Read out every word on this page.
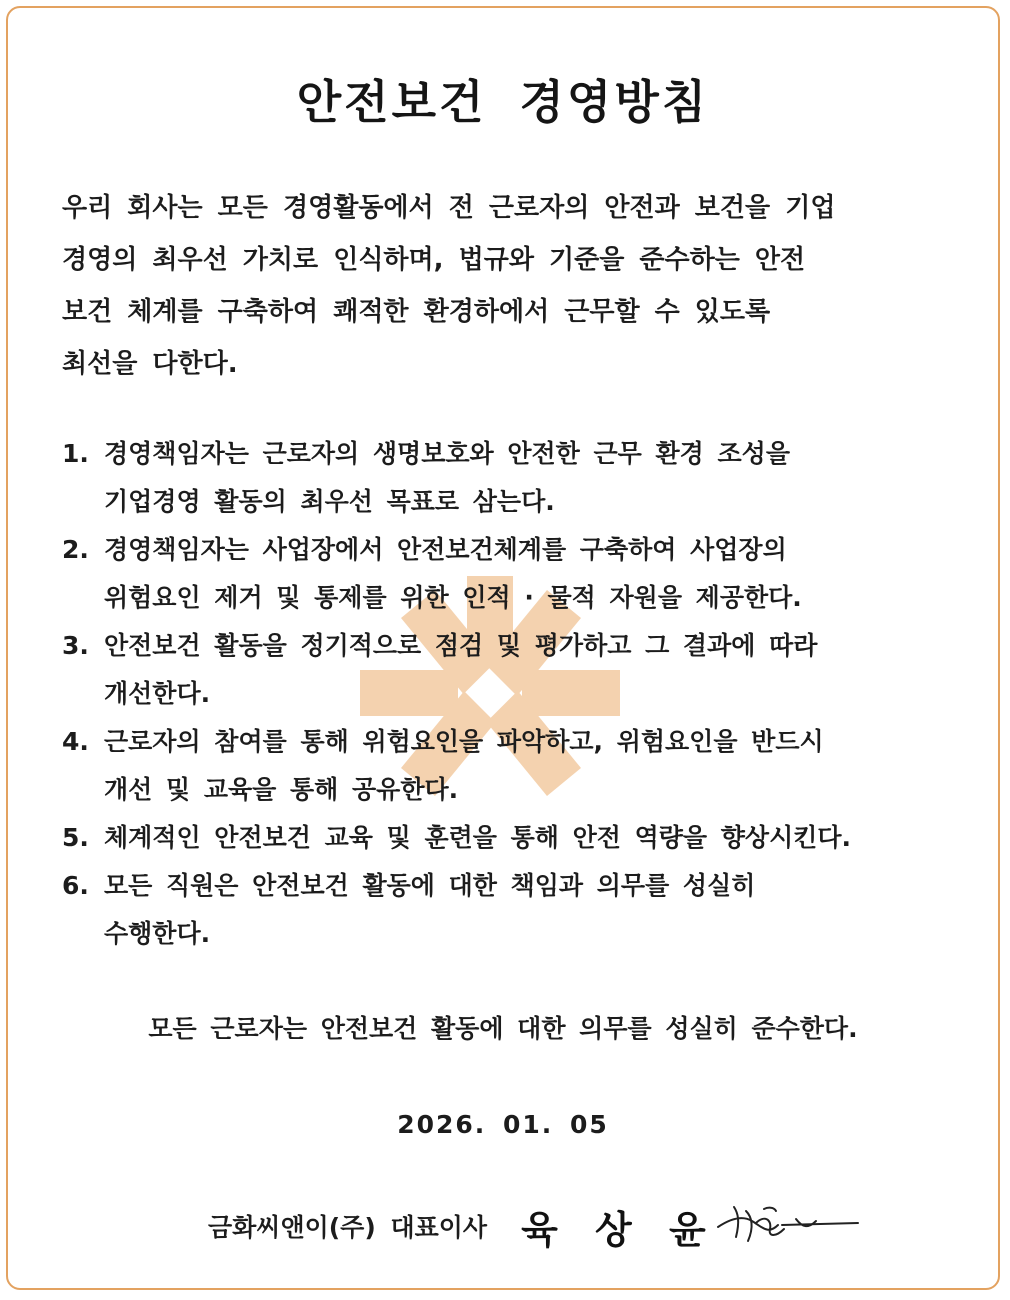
안전보건 경영방침
우리 회사는 모든 경영활동에서 전 근로자의 안전과 보건을 기업
경영의 최우선 가치로 인식하며, 법규와 기준을 준수하는 안전
보건 체계를 구축하여 쾌적한 환경하에서 근무할 수 있도록
최선을 다한다.
1. 경영책임자는 근로자의 생명보호와 안전한 근무 환경 조성을
기업경영 활동의 최우선 목표로 삼는다.
2. 경영책임자는 사업장에서 안전보건체계를 구축하여 사업장의
위험요인 제거 및 통제를 위한 인적 · 물적 자원을 제공한다.
3. 안전보건 활동을 정기적으로 점검 및 평가하고 그 결과에 따라
개선한다.
4. 근로자의 참여를 통해 위험요인을 파악하고, 위험요인을 반드시
개선 및 교육을 통해 공유한다.
5. 체계적인 안전보건 교육 및 훈련을 통해 안전 역량을 향상시킨다.
6. 모든 직원은 안전보건 활동에 대한 책임과 의무를 성실히
수행한다.

모든 근로자는 안전보건 활동에 대한 의무를 성실히 준수한다.

2026. 01. 05

금화씨앤이(주) 대표이사 육 상 윤
